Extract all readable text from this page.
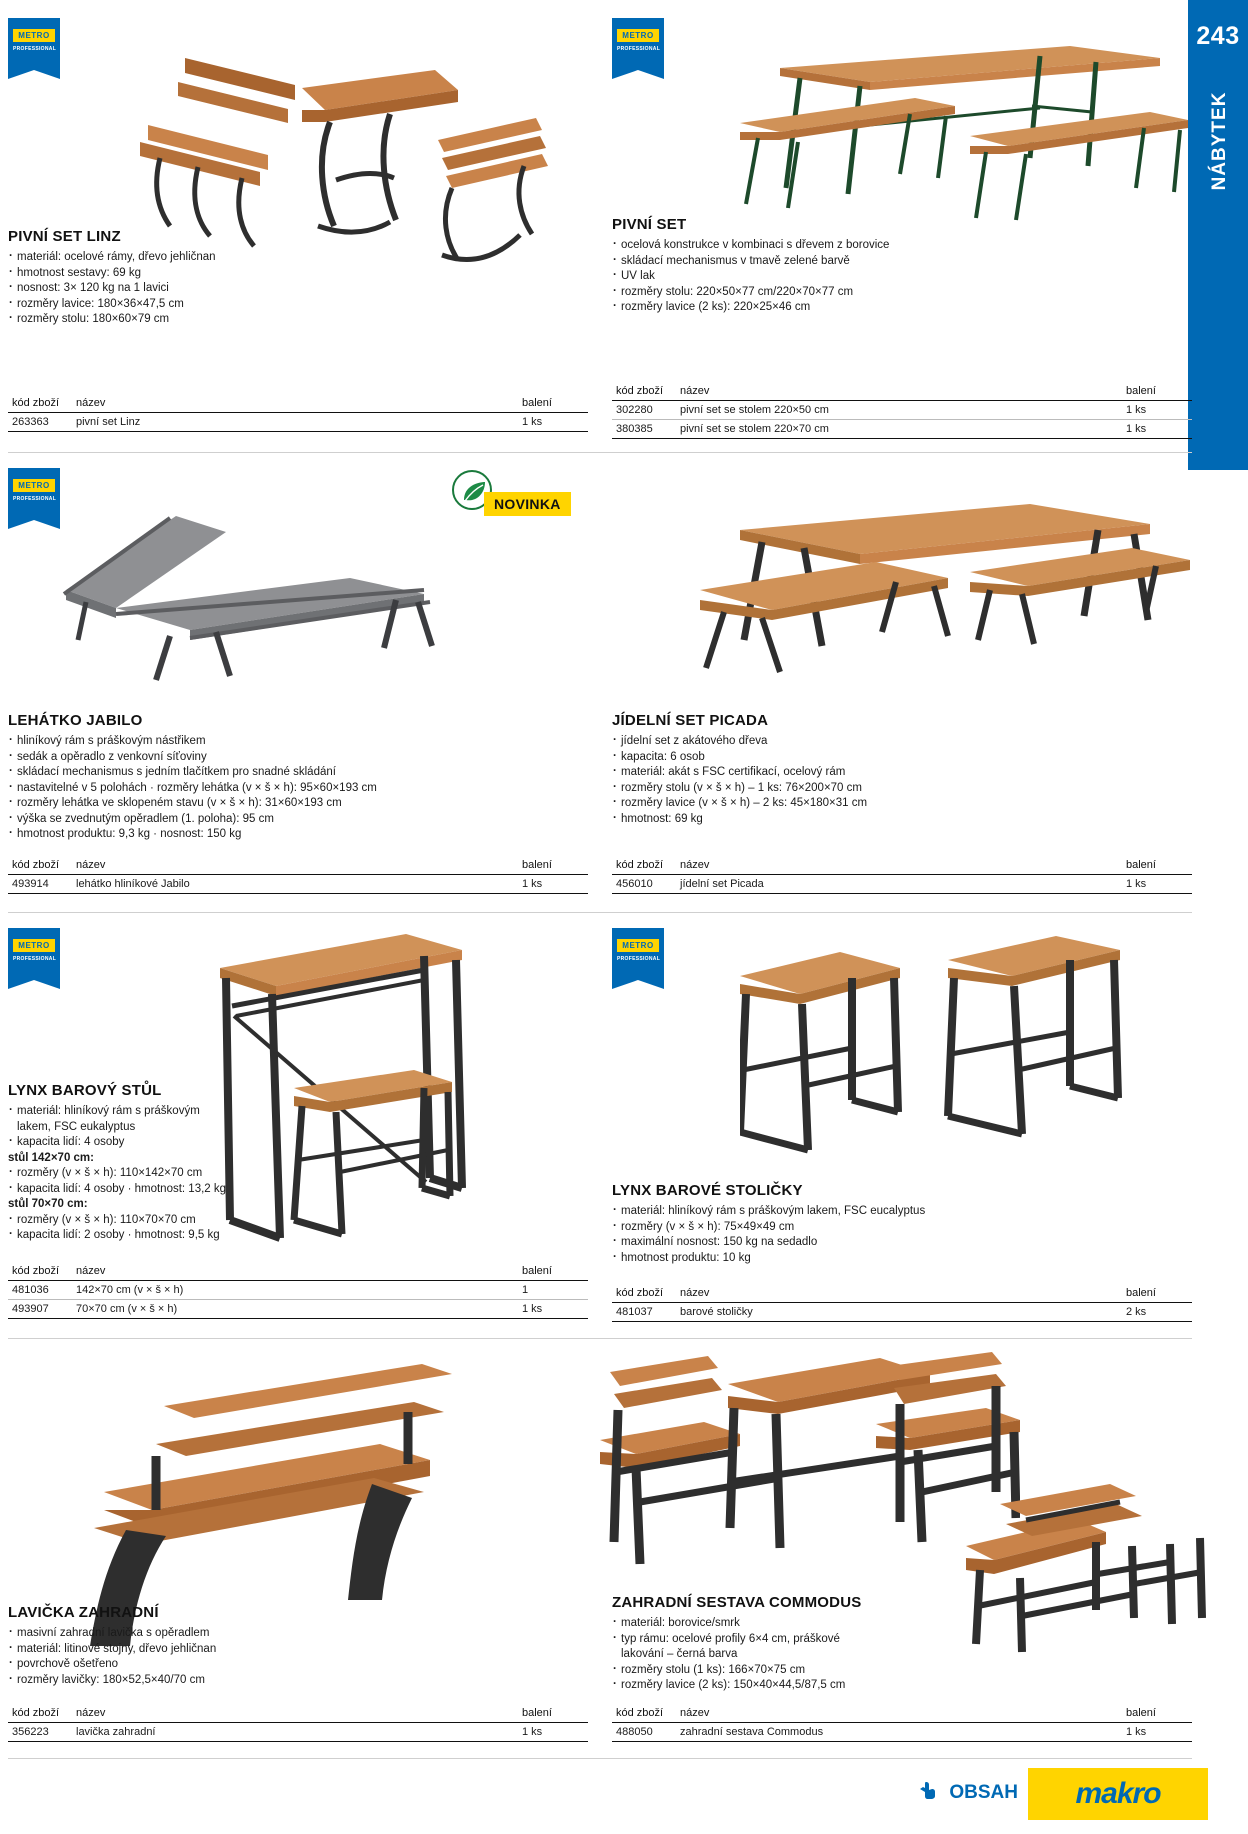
243
NÁBYTEK
METRO
PROFESSIONAL
PIVNÍ SET LINZ
· materiál: ocelové rámy, dřevo jehličnan
· hmotnost sestavy: 69 kg
· nosnost: 3× 120 kg na 1 lavici
· rozměry lavice: 180×36×47,5 cm
· rozměry stolu: 180×60×79 cm
kód zboží	název	balení
263363	pivní set Linz	1 ks
METRO
PROFESSIONAL
PIVNÍ SET
· ocelová konstrukce v kombinaci s dřevem z borovice
· skládací mechanismus v tmavě zelené barvě
· UV lak
· rozměry stolu: 220×50×77 cm/220×70×77 cm
· rozměry lavice (2 ks): 220×25×46 cm
kód zboží	název	balení
302280	pivní set se stolem 220×50 cm	1 ks
380385	pivní set se stolem 220×70 cm	1 ks
METRO
PROFESSIONAL	NOVINKA
LEHÁTKO JABILO
· hliníkový rám s práškovým nástřikem
· sedák a opěradlo z venkovní síťoviny
· skládací mechanismus s jedním tlačítkem pro snadné skládání
· nastavitelné v 5 polohách · rozměry lehátka (v × š × h): 95×60×193 cm
· rozměry lehátka ve sklopeném stavu (v × š × h): 31×60×193 cm
· výška se zvednutým opěradlem (1. poloha): 95 cm
· hmotnost produktu: 9,3 kg · nosnost: 150 kg
kód zboží	název	balení
493914	lehátko hliníkové Jabilo	1 ks
JÍDELNÍ SET PICADA
· jídelní set z akátového dřeva
· kapacita: 6 osob
· materiál: akát s FSC certifikací, ocelový rám
· rozměry stolu (v × š × h) – 1 ks: 76×200×70 cm
· rozměry lavice (v × š × h) – 2 ks: 45×180×31 cm
· hmotnost: 69 kg
kód zboží	název	balení
456010	jídelní set Picada	1 ks
METRO
PROFESSIONAL
LYNX BAROVÝ STŮL
· materiál: hliníkový rám s práškovým
lakem, FSC eukalyptus
· kapacita lidí: 4 osoby
stůl 142×70 cm:
· rozměry (v × š × h): 110×142×70 cm
· kapacita lidí: 4 osoby · hmotnost: 13,2 kg
stůl 70×70 cm:
· rozměry (v × š × h): 110×70×70 cm
· kapacita lidí: 2 osoby · hmotnost: 9,5 kg
kód zboží	název	balení
481036	142×70 cm (v × š × h)	1
493907	70×70 cm (v × š × h)	1 ks
METRO
PROFESSIONAL
LYNX BAROVÉ STOLIČKY
· materiál: hliníkový rám s práškovým lakem, FSC eucalyptus
· rozměry (v × š × h): 75×49×49 cm
· maximální nosnost: 150 kg na sedadlo
· hmotnost produktu: 10 kg
kód zboží	název	balení
481037	barové stoličky	2 ks
LAVIČKA ZAHRADNÍ
· masivní zahradní lavička s opěradlem
· materiál: litinové stojny, dřevo jehličnan
· povrchově ošetřeno
· rozměry lavičky: 180×52,5×40/70 cm
kód zboží	název	balení
356223	lavička zahradní	1 ks
ZAHRADNÍ SESTAVA COMMODUS
· materiál: borovice/smrk
· typ rámu: ocelové profily 6×4 cm, práškové
lakování – černá barva
· rozměry stolu (1 ks): 166×70×75 cm
· rozměry lavice (2 ks): 150×40×44,5/87,5 cm
kód zboží	název	balení
488050	zahradní sestava Commodus	1 ks
OBSAH makro
